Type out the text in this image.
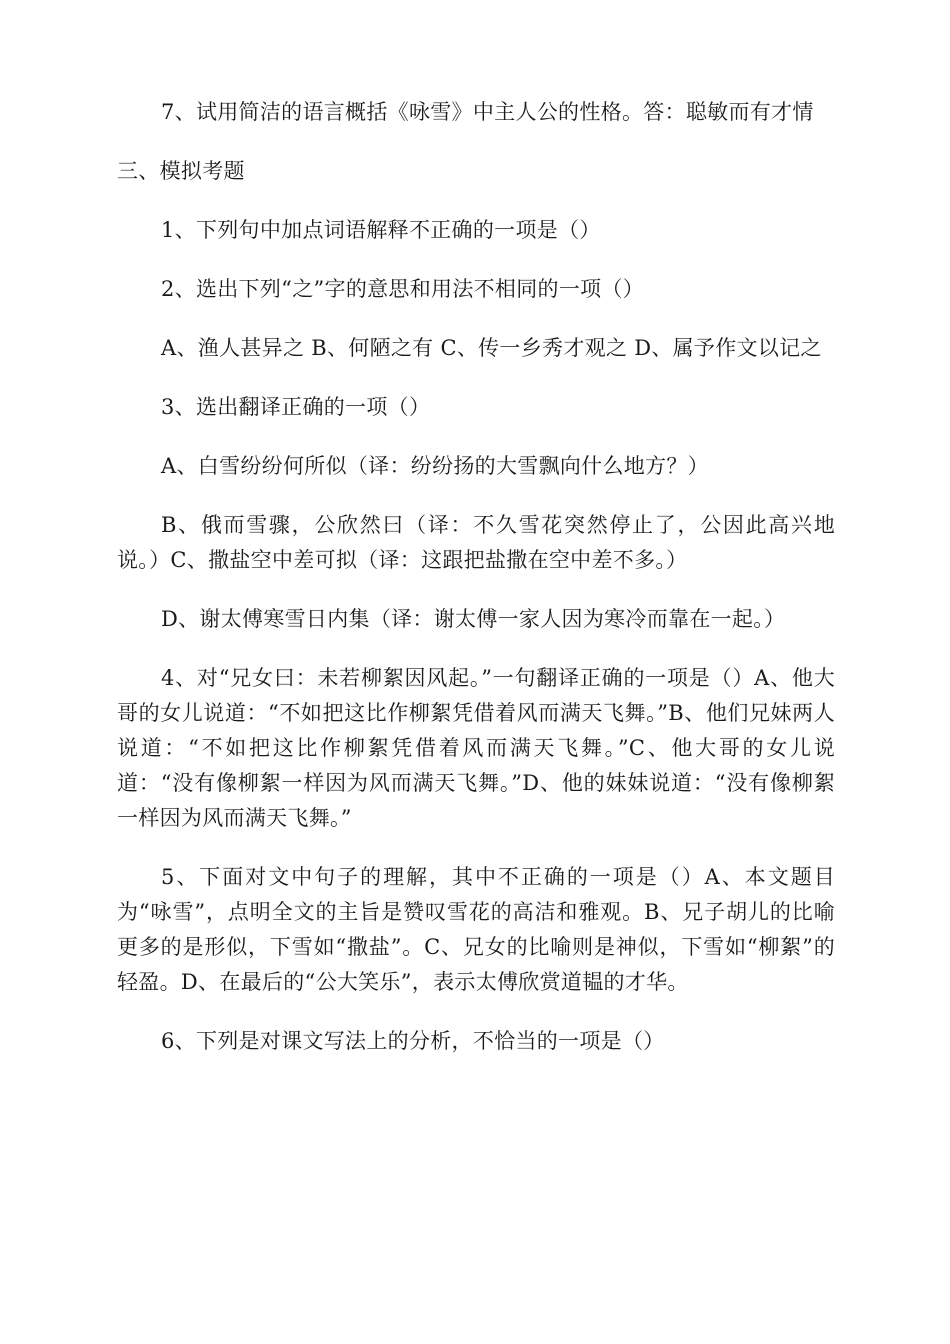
7、试用简洁的语言概括《咏雪》中主人公的性格。答：聪敏而有才情

三、模拟考题

1、下列句中加点词语解释不正确的一项是（）

2、选出下列“之”字的意思和用法不相同的一项（）

A、渔人甚异之 B、何陋之有 C、传一乡秀才观之 D、属予作文以记之

3、选出翻译正确的一项（）

A、白雪纷纷何所似（译：纷纷扬的大雪飘向什么地方？）

B、俄而雪骤，公欣然曰（译：不久雪花突然停止了，公因此高兴地说。）C、撒盐空中差可拟（译：这跟把盐撒在空中差不多。）

D、谢太傅寒雪日内集（译：谢太傅一家人因为寒冷而靠在一起。）

4、对“兄女曰：未若柳絮因风起。”一句翻译正确的一项是（）A、他大哥的女儿说道：“不如把这比作柳絮凭借着风而满天飞舞。”B、他们兄妹两人说道：“不如把这比作柳絮凭借着风而满天飞舞。”C、他大哥的女儿说道：“没有像柳絮一样因为风而满天飞舞。”D、他的妹妹说道：“没有像柳絮一样因为风而满天飞舞。”

5、下面对文中句子的理解，其中不正确的一项是（）A、本文题目为“咏雪”，点明全文的主旨是赞叹雪花的高洁和雅观。B、兄子胡儿的比喻更多的是形似，下雪如“撒盐”。C、兄女的比喻则是神似，下雪如“柳絮”的轻盈。D、在最后的“公大笑乐”，表示太傅欣赏道韫的才华。

6、下列是对课文写法上的分析，不恰当的一项是（）
